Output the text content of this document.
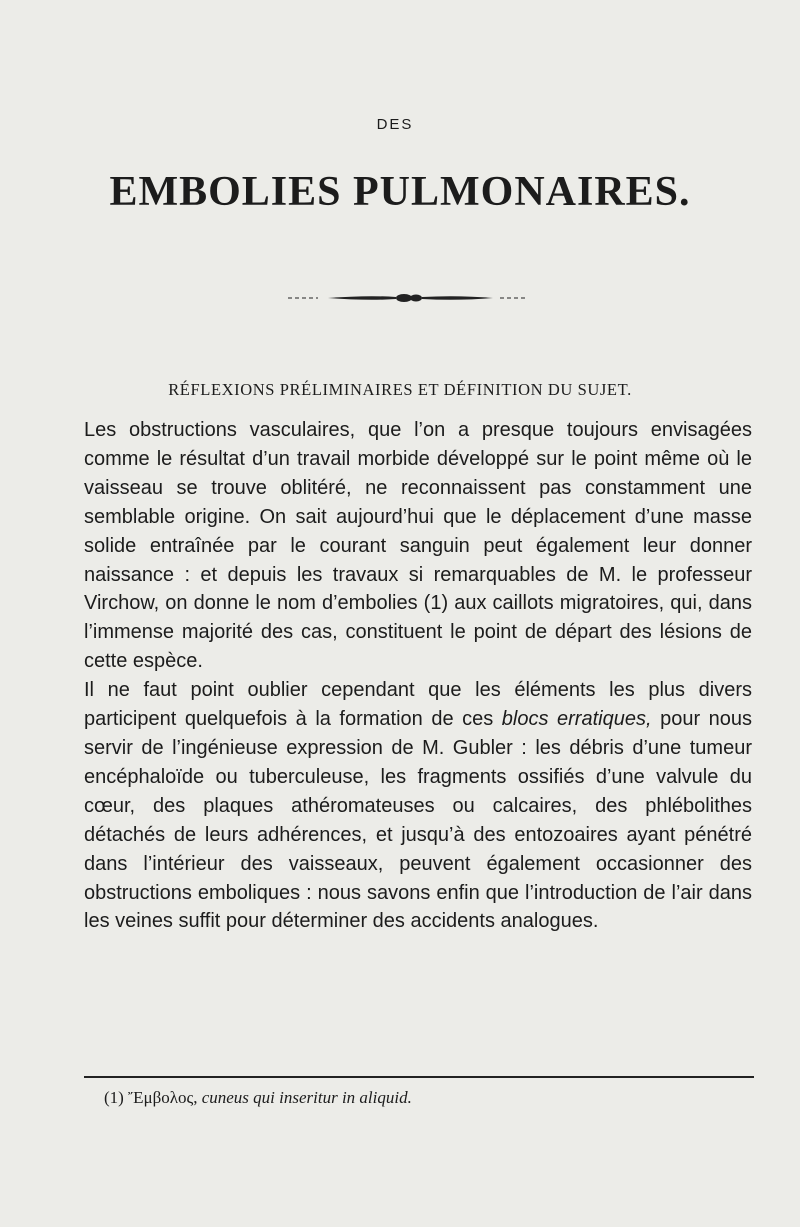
DES
EMBOLIES PULMONAIRES.
RÉFLEXIONS PRÉLIMINAIRES ET DÉFINITION DU SUJET.

Les obstructions vasculaires, que l’on a presque toujours envisagées comme le résultat d’un travail morbide développé sur le point même où le vaisseau se trouve oblitéré, ne reconnaissent pas constamment une semblable origine. On sait aujourd’hui que le déplacement d’une masse solide entraînée par le courant sanguin peut également leur donner naissance : et depuis les travaux si remarquables de M. le professeur Virchow, on donne le nom d’embolies (1) aux caillots migratoires, qui, dans l’immense majorité des cas, constituent le point de départ des lésions de cette espèce.

Il ne faut point oublier cependant que les éléments les plus divers participent quelquefois à la formation de ces blocs erratiques, pour nous servir de l’ingénieuse expression de M. Gubler : les débris d’une tumeur encéphaloïde ou tuberculeuse, les fragments ossifiés d’une valvule du cœur, des plaques athéromateuses ou calcaires, des phlébolithes détachés de leurs adhérences, et jusqu’à des entozoaires ayant pénétré dans l’intérieur des vaisseaux, peuvent également occasionner des obstructions emboliques : nous savons enfin que l’introduction de l’air dans les veines suffit pour déterminer des accidents analogues.

(1) Ἔμβολος, cuneus qui inseritur in aliquid.
